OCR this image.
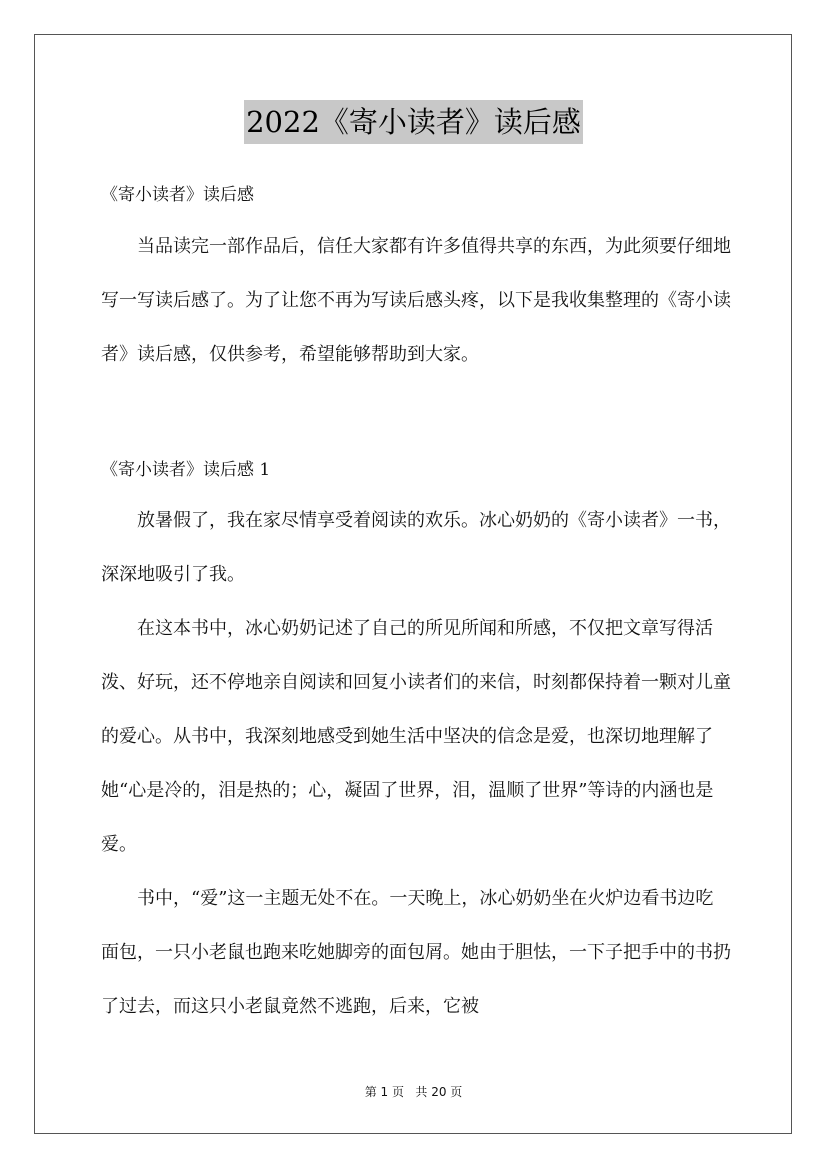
2022《寄小读者》读后感
《寄小读者》读后感

当品读完一部作品后，信任大家都有许多值得共享的东西，为此须要仔细地写一写读后感了。为了让您不再为写读后感头疼，以下是我收集整理的《寄小读者》读后感，仅供参考，希望能够帮助到大家。

《寄小读者》读后感 1

放暑假了，我在家尽情享受着阅读的欢乐。冰心奶奶的《寄小读者》一书，深深地吸引了我。

在这本书中，冰心奶奶记述了自己的所见所闻和所感，不仅把文章写得活泼、好玩，还不停地亲自阅读和回复小读者们的来信，时刻都保持着一颗对儿童的爱心。从书中，我深刻地感受到她生活中坚决的信念是爱，也深切地理解了她“心是冷的，泪是热的；心，凝固了世界，泪，温顺了世界”等诗的内涵也是爱。

书中，“爱”这一主题无处不在。一天晚上，冰心奶奶坐在火炉边看书边吃面包，一只小老鼠也跑来吃她脚旁的面包屑。她由于胆怯，一下子把手中的书扔了过去，而这只小老鼠竟然不逃跑，后来，它被

第 1 页 共 20 页
